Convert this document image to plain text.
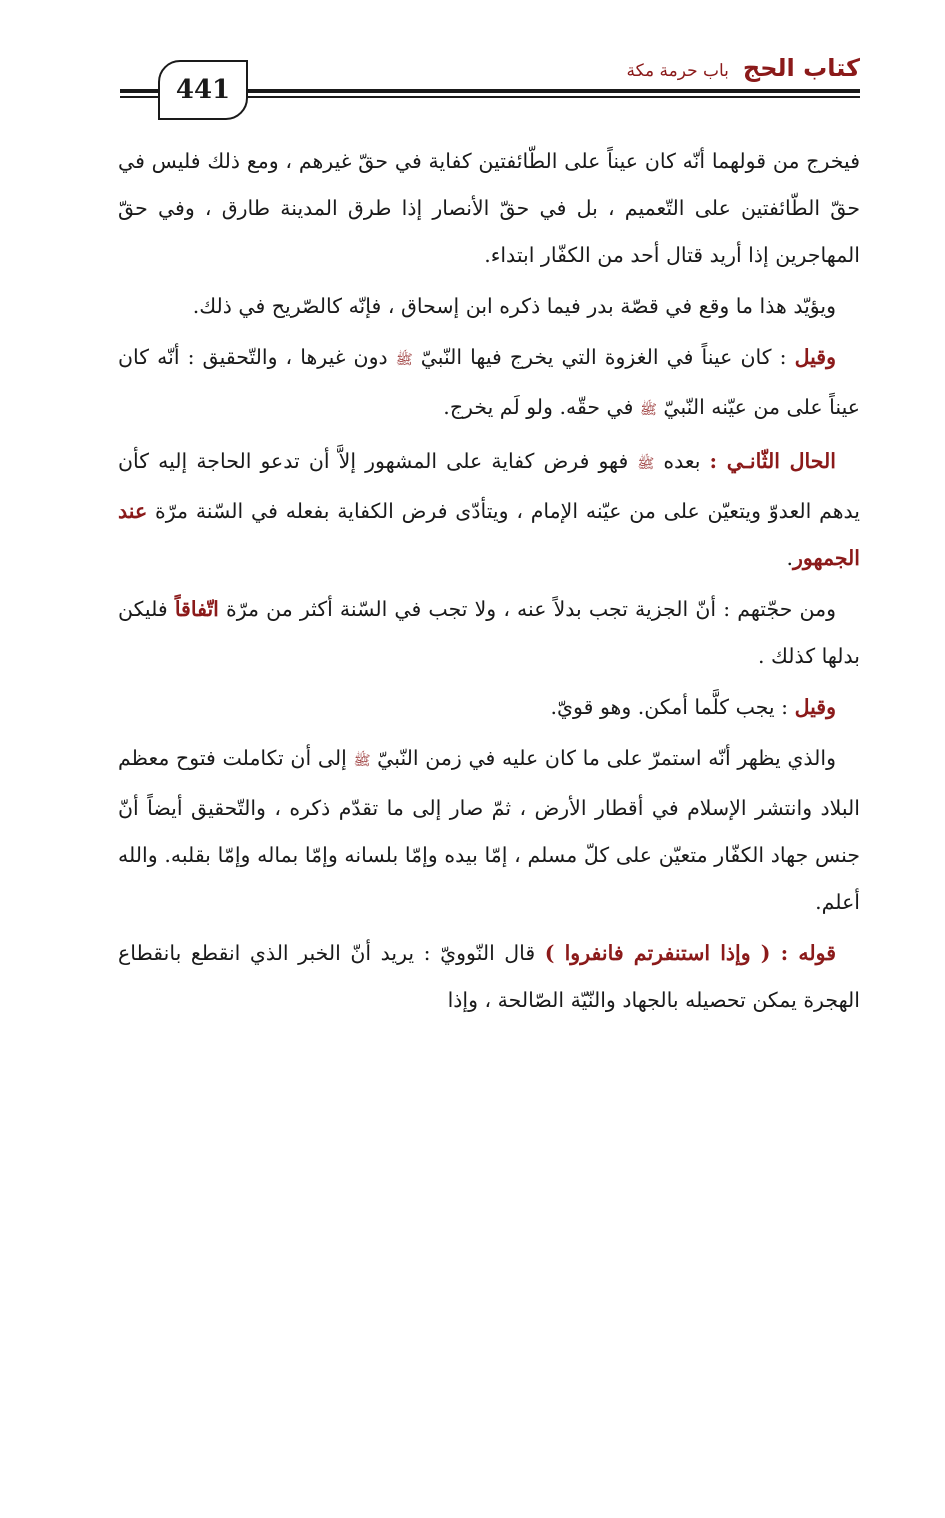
441
كتاب الحج
باب حرمة مكة

فيخرج من قولهما أنّه كان عيناً على الطّائفتين كفاية في حقّ غيرهم ، ومع ذلك فليس في حقّ الطّائفتين على التّعميم ، بل في حقّ الأنصار إذا طرق المدينة طارق ، وفي حقّ المهاجرين إذا أريد قتال أحد من الكفّار ابتداء.

ويؤيّد هذا ما وقع في قصّة بدر فيما ذكره ابن إسحاق ، فإنّه كالصّريح في ذلك.

وقيل : كان عيناً في الغزوة التي يخرج فيها النّبيّ ﷺ دون غيرها ، والتّحقيق : أنّه كان عيناً على من عيّنه النّبيّ ﷺ في حقّه. ولو لَم يخرج.

الحال الثّانـي : بعده ﷺ فهو فرض كفاية على المشهور إلاَّ أن تدعو الحاجة إليه كأن يدهم العدوّ ويتعيّن على من عيّنه الإمام ، ويتأدّى فرض الكفاية بفعله في السّنة مرّة عند الجمهور.

ومن حجّتهم : أنّ الجزية تجب بدلاً عنه ، ولا تجب في السّنة أكثر من مرّة اتّفاقاً فليكن بدلها كذلك .

وقيل : يجب كلَّما أمكن. وهو قويّ.

والذي يظهر أنّه استمرّ على ما كان عليه في زمن النّبيّ ﷺ إلى أن تكاملت فتوح معظم البلاد وانتشر الإسلام في أقطار الأرض ، ثمّ صار إلى ما تقدّم ذكره ، والتّحقيق أيضاً أنّ جنس جهاد الكفّار متعيّن على كلّ مسلم ، إمّا بيده وإمّا بلسانه وإمّا بماله وإمّا بقلبه. والله أعلم.

قوله : ( وإذا استنفرتم فانفروا ) قال النّوويّ : يريد أنّ الخبر الذي انقطع بانقطاع الهجرة يمكن تحصيله بالجهاد والنّيّة الصّالحة ، وإذا
